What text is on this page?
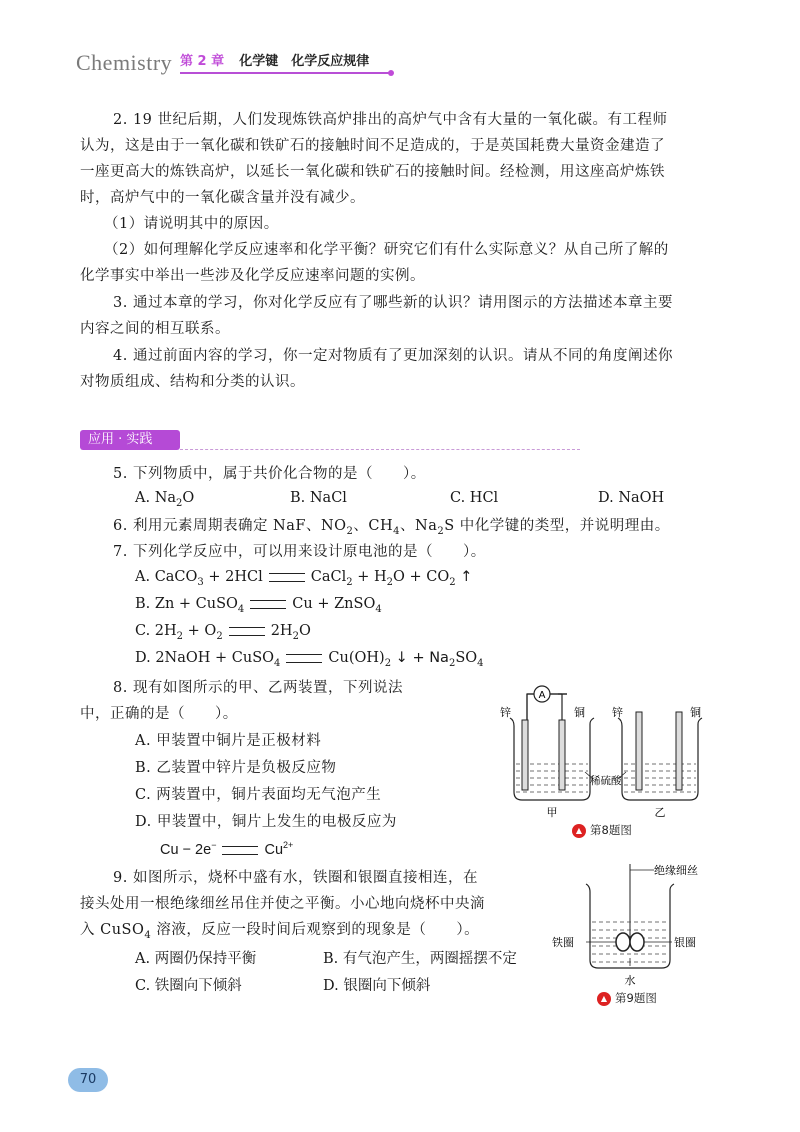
Chemistry 第 2 章 化学键　化学反应规律
2. 19 世纪后期，人们发现炼铁高炉排出的高炉气中含有大量的一氧化碳。有工程师
认为，这是由于一氧化碳和铁矿石的接触时间不足造成的，于是英国耗费大量资金建造了
一座更高大的炼铁高炉，以延长一氧化碳和铁矿石的接触时间。经检测，用这座高炉炼铁
时，高炉气中的一氧化碳含量并没有减少。
（1）请说明其中的原因。
（2）如何理解化学反应速率和化学平衡？研究它们有什么实际意义？从自己所了解的
化学事实中举出一些涉及化学反应速率问题的实例。
3. 通过本章的学习，你对化学反应有了哪些新的认识？请用图示的方法描述本章主要
内容之间的相互联系。
4. 通过前面内容的学习，你一定对物质有了更加深刻的认识。请从不同的角度阐述你
对物质组成、结构和分类的认识。
应用 · 实践
5. 下列物质中，属于共价化合物的是（　　）。
A. $Na_2O$	B. NaCl	C. HCl	D. NaOH
6. 利用元素周期表确定 NaF、$NO_2$、$CH_4$、$Na_2S$ 中化学键的类型，并说明理由。
7. 下列化学反应中，可以用来设计原电池的是（　　）。
A. CaCO$_3$ + 2HCl	CaCl$_2$ + $H_2O + CO_2$ ↑
B. Zn + CuSO$_4$	Cu + ZnSO$_4$
C. $2H_2 + O_2$	$2H_2O$
D. 2NaOH + CuSO$_4$	$Cu(OH)_2$ ↓ + $Na_2SO_4$
8. 现有如图所示的甲、乙两装置，下列说法
中，正确的是（　　）。
A. 甲装置中铜片是正极材料
B. 乙装置中锌片是负极反应物
C. 两装置中，铜片表面均无气泡产生
D. 甲装置中，铜片上发生的电极反应为
Cu − 2e−	$Cu^{2+}$
A
锌	铜
甲
锌	铜
乙
稀硫酸
▲ 第8题图
9. 如图所示，烧杯中盛有水，铁圈和银圈直接相连，在
接头处用一根绝缘细丝吊住并使之平衡。小心地向烧杯中央滴
入 CuSO$_4$ 溶液，反应一段时间后观察到的现象是（　　）。
A. 两圈仍保持平衡	B. 有气泡产生，两圈摇摆不定
C. 铁圈向下倾斜	D. 银圈向下倾斜
绝缘细丝
铁圈	银圈
水
▲ 第9题图
70
